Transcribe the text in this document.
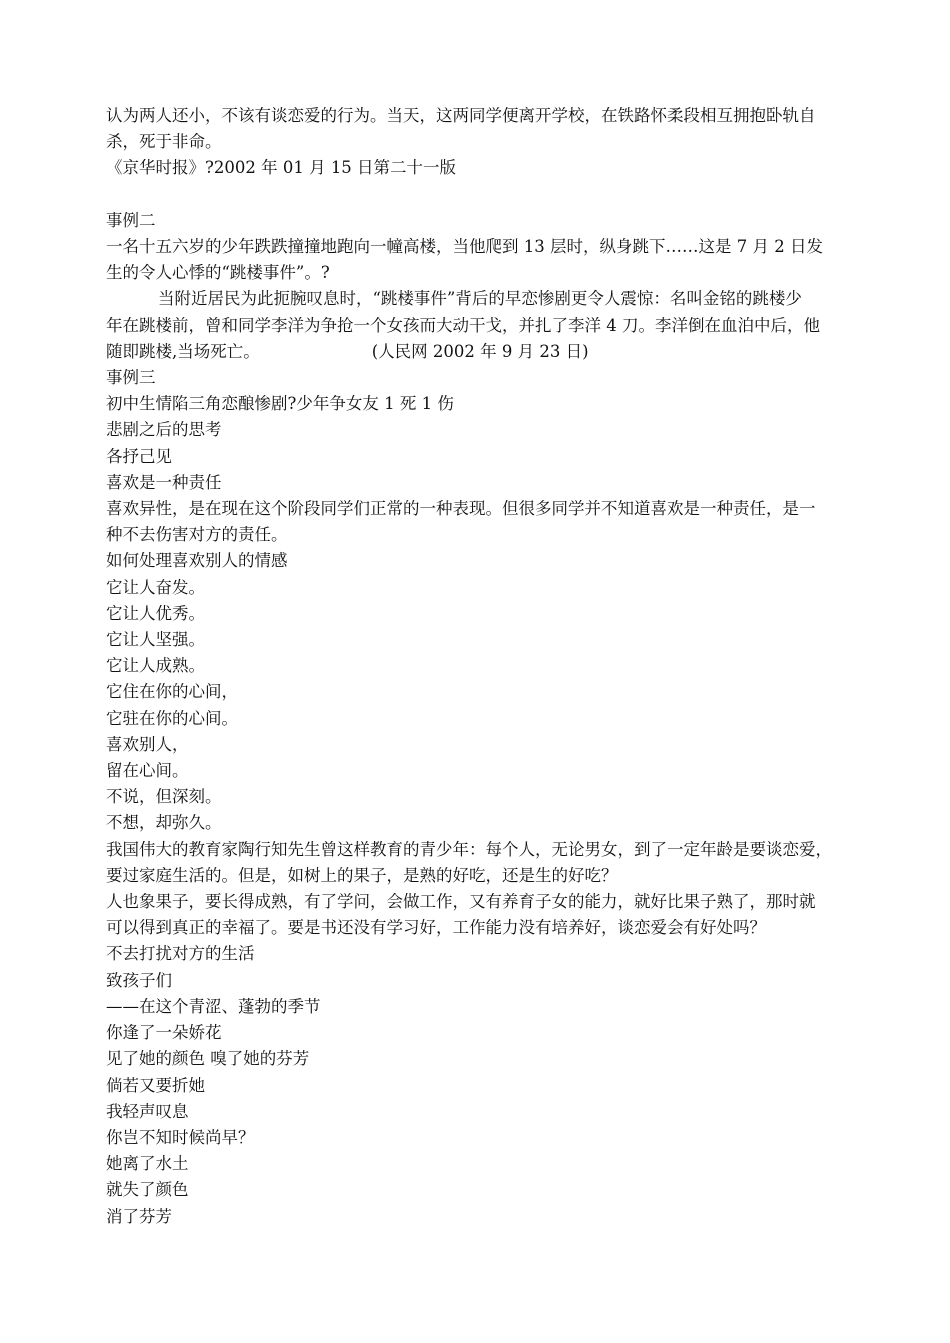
认为两人还小，不该有谈恋爱的行为。当天，这两同学便离开学校，在铁路怀柔段相互拥抱卧轨自
杀，死于非命。
《京华时报》?2002 年 01 月 15 日第二十一版
事例二
一名十五六岁的少年跌跌撞撞地跑向一幢高楼，当他爬到 13 层时，纵身跳下……这是 7 月 2 日发
生的令人心悸的“跳楼事件”。?
当附近居民为此扼腕叹息时，“跳楼事件”背后的早恋惨剧更令人震惊：名叫金铭的跳楼少
年在跳楼前，曾和同学李洋为争抢一个女孩而大动干戈，并扎了李洋 4 刀。李洋倒在血泊中后，他
随即跳楼,当场死亡。	(人民网 2002 年 9 月 23 日)
事例三
初中生情陷三角恋酿惨剧?少年争女友 1 死 1 伤
悲剧之后的思考
各抒己见
喜欢是一种责任
喜欢异性，是在现在这个阶段同学们正常的一种表现。但很多同学并不知道喜欢是一种责任，是一
种不去伤害对方的责任。
如何处理喜欢别人的情感
它让人奋发。
它让人优秀。
它让人坚强。
它让人成熟。
它住在你的心间，
它驻在你的心间。
喜欢别人，
留在心间。
不说，但深刻。
不想，却弥久。
我国伟大的教育家陶行知先生曾这样教育的青少年：每个人，无论男女，到了一定年龄是要谈恋爱，
要过家庭生活的。但是，如树上的果子，是熟的好吃，还是生的好吃？
人也象果子，要长得成熟，有了学问，会做工作，又有养育子女的能力，就好比果子熟了，那时就
可以得到真正的幸福了。要是书还没有学习好，工作能力没有培养好，谈恋爱会有好处吗？
不去打扰对方的生活
致孩子们
——在这个青涩、蓬勃的季节
你逢了一朵娇花
见了她的颜色 嗅了她的芬芳
倘若又要折她
我轻声叹息
你岂不知时候尚早？
她离了水土
就失了颜色
消了芬芳
